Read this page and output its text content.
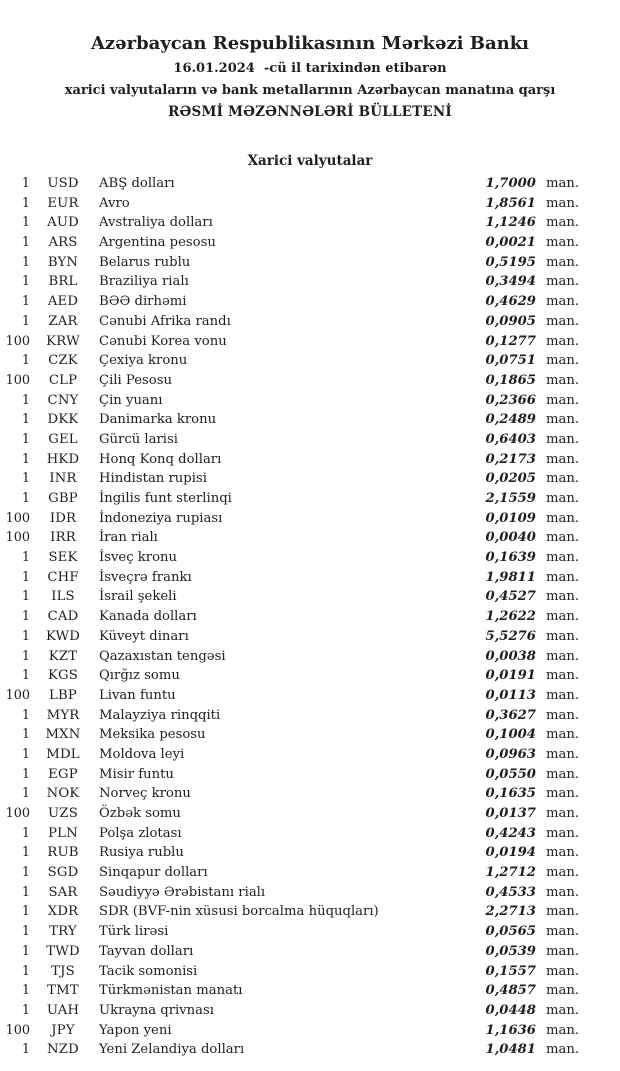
Azərbaycan Respublikasının Mərkəzi Bankı
16.01.2024  -cü il tarixindən etibarən
xarici valyutaların və bank metallarının Azərbaycan manatına qarşı
RƏSMİ MƏZƏNNƏLƏRİ BÜLLETENİ
Xarici valyutalar
1	USD	ABŞ dolları	1,7000 man.
1	EUR	Avro	1,8561 man.
1	AUD	Avstraliya dolları	1,1246 man.
1	ARS	Argentina pesosu	0,0021 man.
1	BYN	Belarus rublu	0,5195 man.
1	BRL	Braziliya rialı	0,3494 man.
1	AED	BƏƏ dirhəmi	0,4629 man.
1	ZAR	Cənubi Afrika randı	0,0905 man.
100	KRW	Cənubi Korea vonu	0,1277 man.
1	CZK	Çexiya kronu	0,0751 man.
100	CLP	Çili Pesosu	0,1865 man.
1	CNY	Çin yuanı	0,2366 man.
1	DKK	Danimarka kronu	0,2489 man.
1	GEL	Gürcü larisi	0,6403 man.
1	HKD	Honq Konq dolları	0,2173 man.
1	INR	Hindistan rupisi	0,0205 man.
1	GBP	İngilis funt sterlinqi	2,1559 man.
100	IDR	İndoneziya rupiası	0,0109 man.
100	IRR	İran rialı	0,0040 man.
1	SEK	İsveç kronu	0,1639 man.
1	CHF	İsveçrə frankı	1,9811 man.
1	ILS	İsrail şekeli	0,4527 man.
1	CAD	Kanada dolları	1,2622 man.
1	KWD	Küveyt dinarı	5,5276 man.
1	KZT	Qazaxıstan tengəsi	0,0038 man.
1	KGS	Qırğız somu	0,0191 man.
100	LBP	Livan funtu	0,0113 man.
1	MYR	Malayziya rinqqiti	0,3627 man.
1	MXN	Meksika pesosu	0,1004 man.
1	MDL	Moldova leyi	0,0963 man.
1	EGP	Misir funtu	0,0550 man.
1	NOK	Norveç kronu	0,1635 man.
100	UZS	Özbək somu	0,0137 man.
1	PLN	Polşa zlotası	0,4243 man.
1	RUB	Rusiya rublu	0,0194 man.
1	SGD	Sinqapur dolları	1,2712 man.
1	SAR	Səudiyyə Ərəbistanı rialı	0,4533 man.
1	XDR	SDR (BVF-nin xüsusi borcalma hüquqları)	2,2713 man.
1	TRY	Türk lirəsi	0,0565 man.
1	TWD	Tayvan dolları	0,0539 man.
1	TJS	Tacik somonisi	0,1557 man.
1	TMT	Türkmənistan manatı	0,4857 man.
1	UAH	Ukrayna qrivnası	0,0448 man.
100	JPY	Yapon yeni	1,1636 man.
1	NZD	Yeni Zelandiya dolları	1,0481 man.
